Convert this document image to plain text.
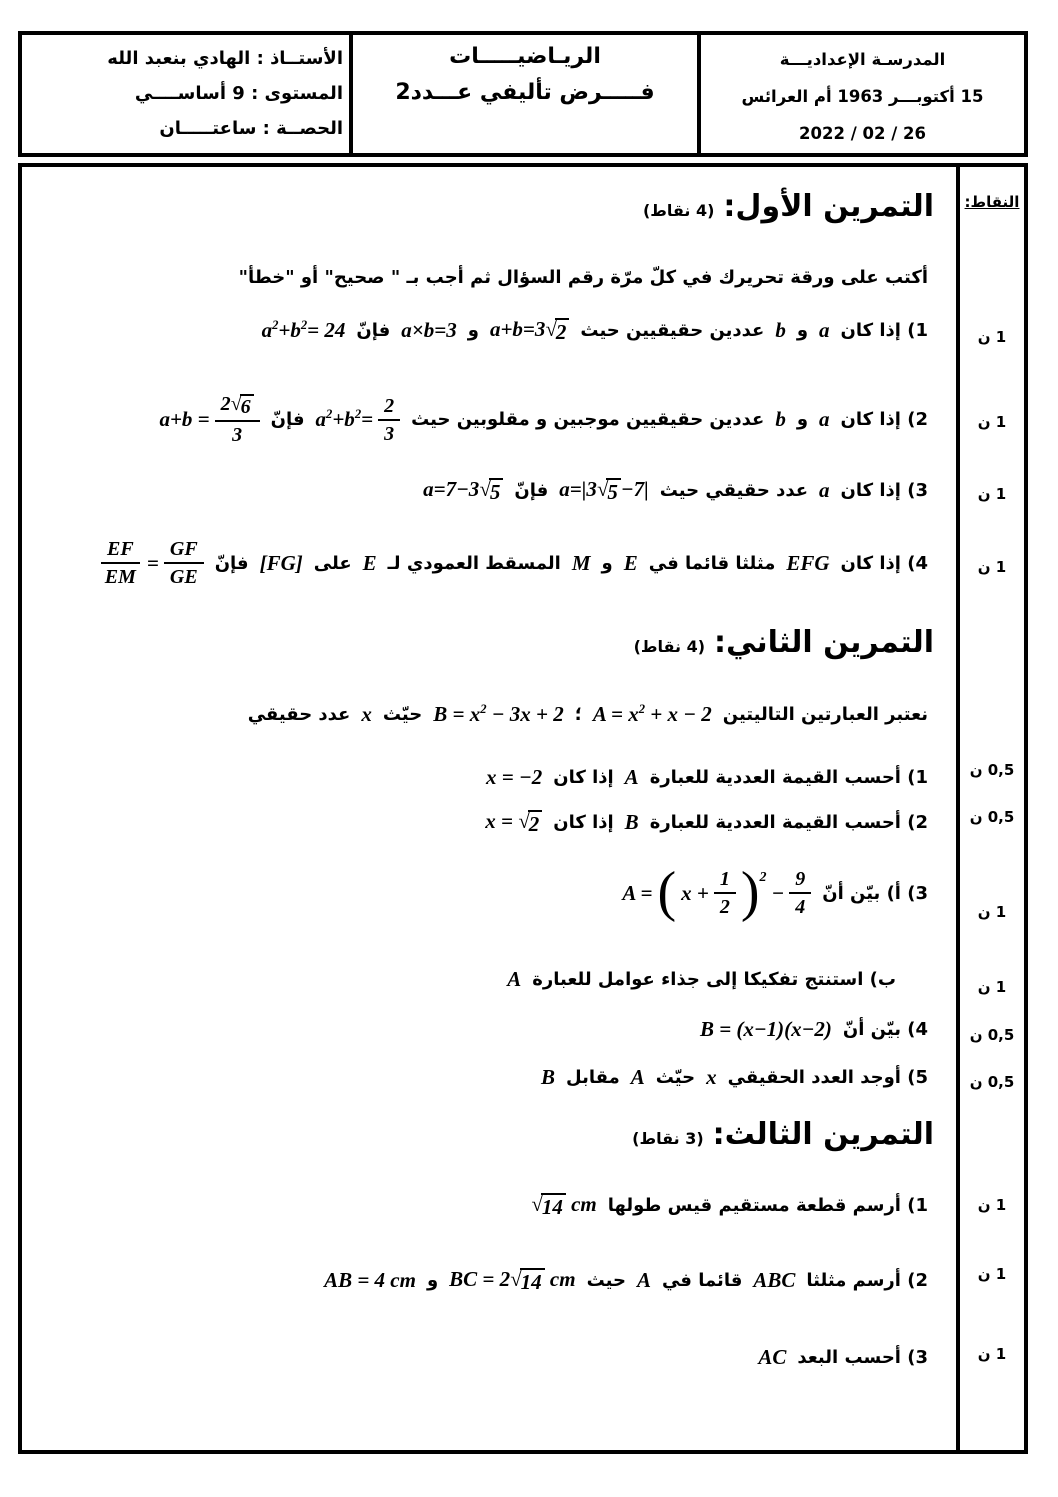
الأستــاذ : الهادي بنعبد الله

المستوى : 9 أساســــي

الحصــة : ساعتـــــان

الريـاضيـــــات

فـــــرض تأليفي عـــدد2

المدرسـة الإعداديـــة

15 أكتوبـــر 1963 أم العرائس

2022 / 02 / 26

النقاط:

1 ن
1 ن
1 ن
1 ن
0,5 ن
0,5 ن
1 ن
1 ن
0,5 ن
0,5 ن
1 ن
1 ن
1 ن
التمرين الأول:
(4 نقاط)
أكتب على ورقة تحريرك في كلّ مرّة رقم السؤال ثم أجب بـ " صحيح" أو "خطأ"
1) إذا كان
a
و
b
عددين حقيقيين حيث
a+b=3 √ 2
و
a×b=3
فإنّ
$a^2+b^2= 24$
2) إذا كان
a
و
b
عددين حقيقيين موجبين و مقلوبين حيث
$a^2+b^2= \frac{2}{3}$
فإنّ
$a+b = \frac{2 √ 6}{3}$
3) إذا كان
a
عدد حقيقي حيث
a=|3 √ 5 −7|
فإنّ
a=7−3 √ 5
4) إذا كان
EFG
مثلثا قائما في
E
و
M
المسقط العمودي لـ
E
على
[FG]
فإنّ
$\frac{EF}{EM} = \frac{GF}{GE}$
التمرين الثاني:
(4 نقاط)
نعتبر العبارتين التاليتين
$A = x^2 + x - 2$
؛
$B = x^2 - 3x + 2$
حيّث
x
عدد حقيقي
1) أحسب القيمة العددية للعبارة
A
إذا كان
x = −2
2) أحسب القيمة العددية للعبارة
B
إذا كان
x = √ 2
3) أ) بيّن أنّ
A = ( $x + \frac{1}{2}$ ) 2
− $\frac{9}{4}$
ب) استنتج تفكيكا إلى جذاء عوامل للعبارة
A
4) بيّن أنّ
B = (x−1)(x−2)
5) أوجد العدد الحقيقي
x
حيّث
A
مقابل
B
التمرين الثالث:
(3 نقاط)
1) أرسم قطعة مستقيم قيس طولها
√ 14 cm
2) أرسم مثلثا
ABC
قائما في
A
حيث
BC = 2 √ 14 cm
و
AB = 4 cm
3) أحسب البعد
AC
